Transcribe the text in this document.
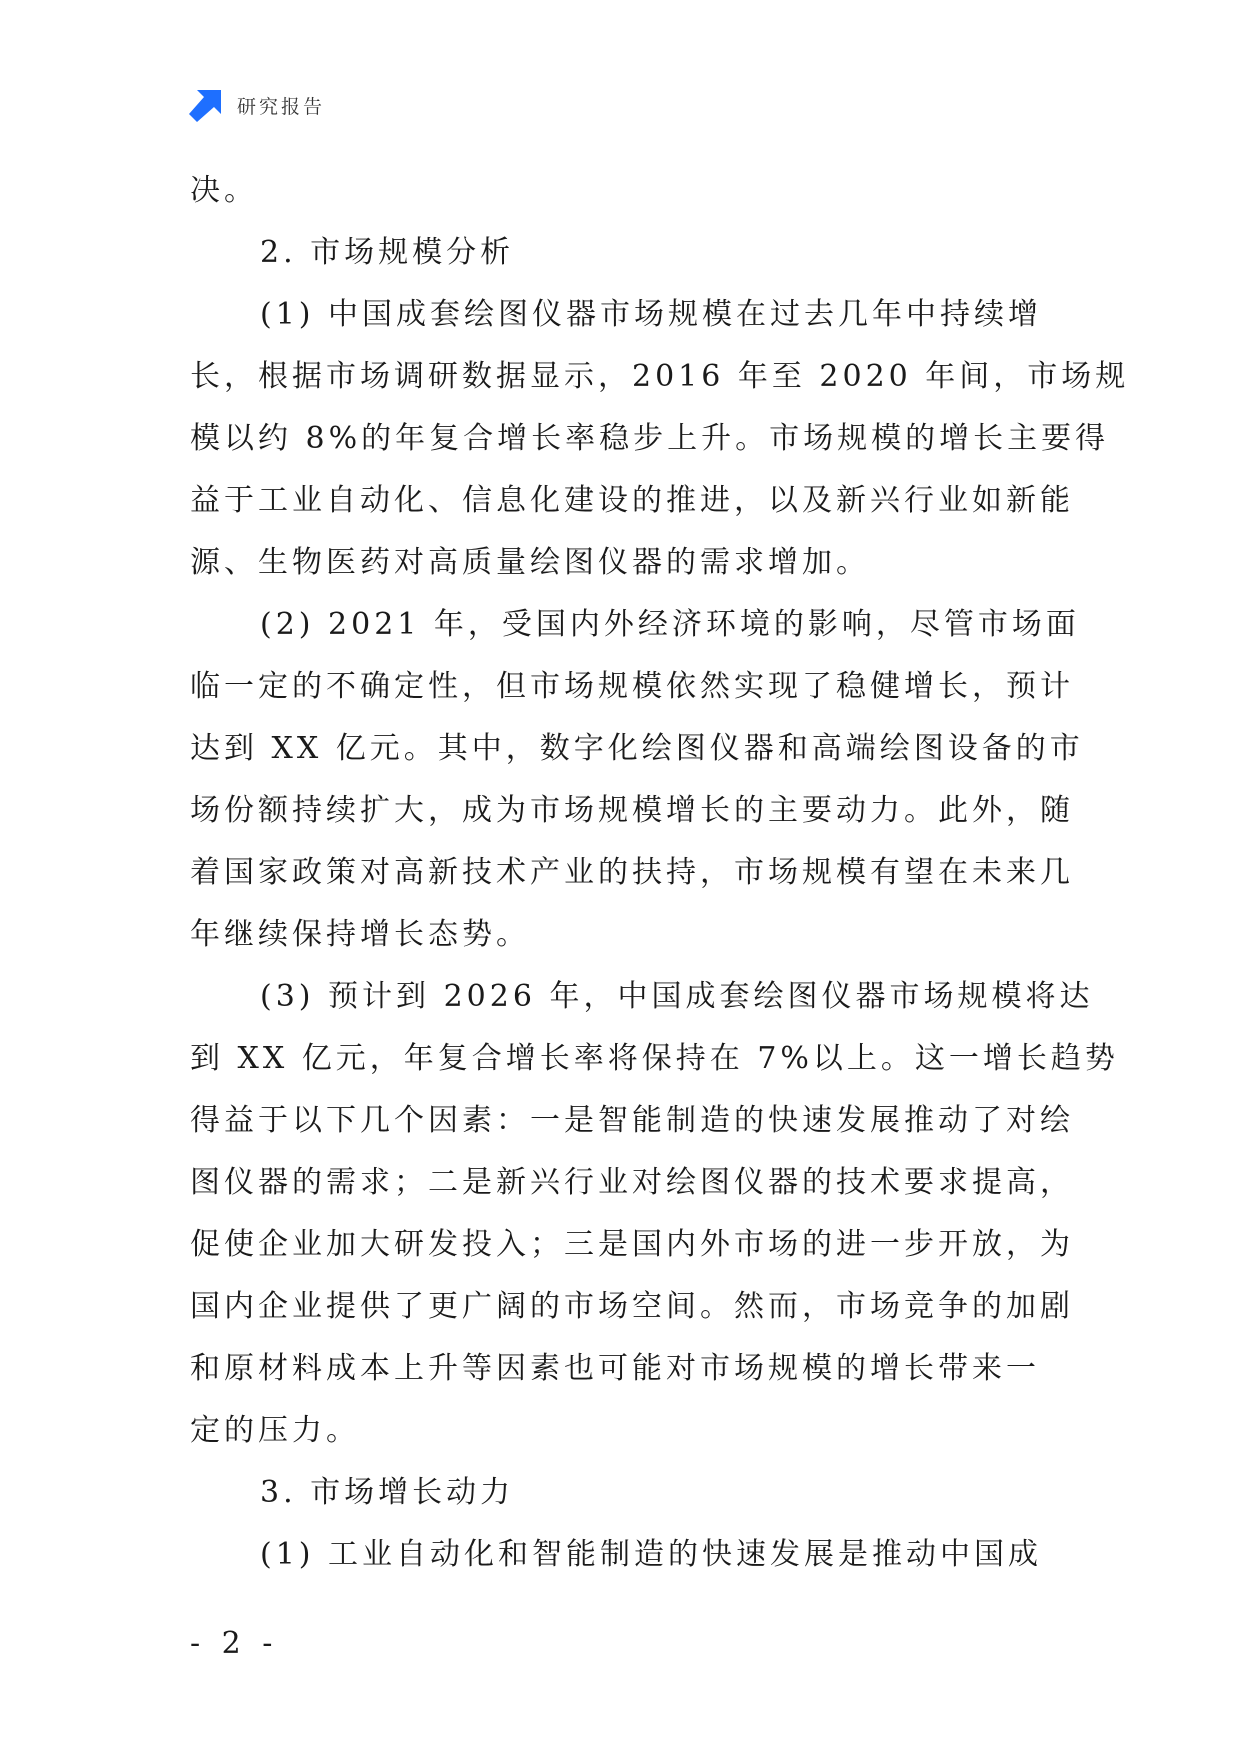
研究报告
决。
2. 市场规模分析
(1) 中国成套绘图仪器市场规模在过去几年中持续增
长，根据市场调研数据显示，2016 年至 2020 年间，市场规
模以约 8%的年复合增长率稳步上升。市场规模的增长主要得
益于工业自动化、信息化建设的推进，以及新兴行业如新能
源、生物医药对高质量绘图仪器的需求增加。
(2) 2021 年，受国内外经济环境的影响，尽管市场面
临一定的不确定性，但市场规模依然实现了稳健增长，预计
达到 XX 亿元。其中，数字化绘图仪器和高端绘图设备的市
场份额持续扩大，成为市场规模增长的主要动力。此外，随
着国家政策对高新技术产业的扶持，市场规模有望在未来几
年继续保持增长态势。
(3) 预计到 2026 年，中国成套绘图仪器市场规模将达
到 XX 亿元，年复合增长率将保持在 7%以上。这一增长趋势
得益于以下几个因素：一是智能制造的快速发展推动了对绘
图仪器的需求；二是新兴行业对绘图仪器的技术要求提高，
促使企业加大研发投入；三是国内外市场的进一步开放，为
国内企业提供了更广阔的市场空间。然而，市场竞争的加剧
和原材料成本上升等因素也可能对市场规模的增长带来一
定的压力。
3. 市场增长动力
(1) 工业自动化和智能制造的快速发展是推动中国成
- 2 -
